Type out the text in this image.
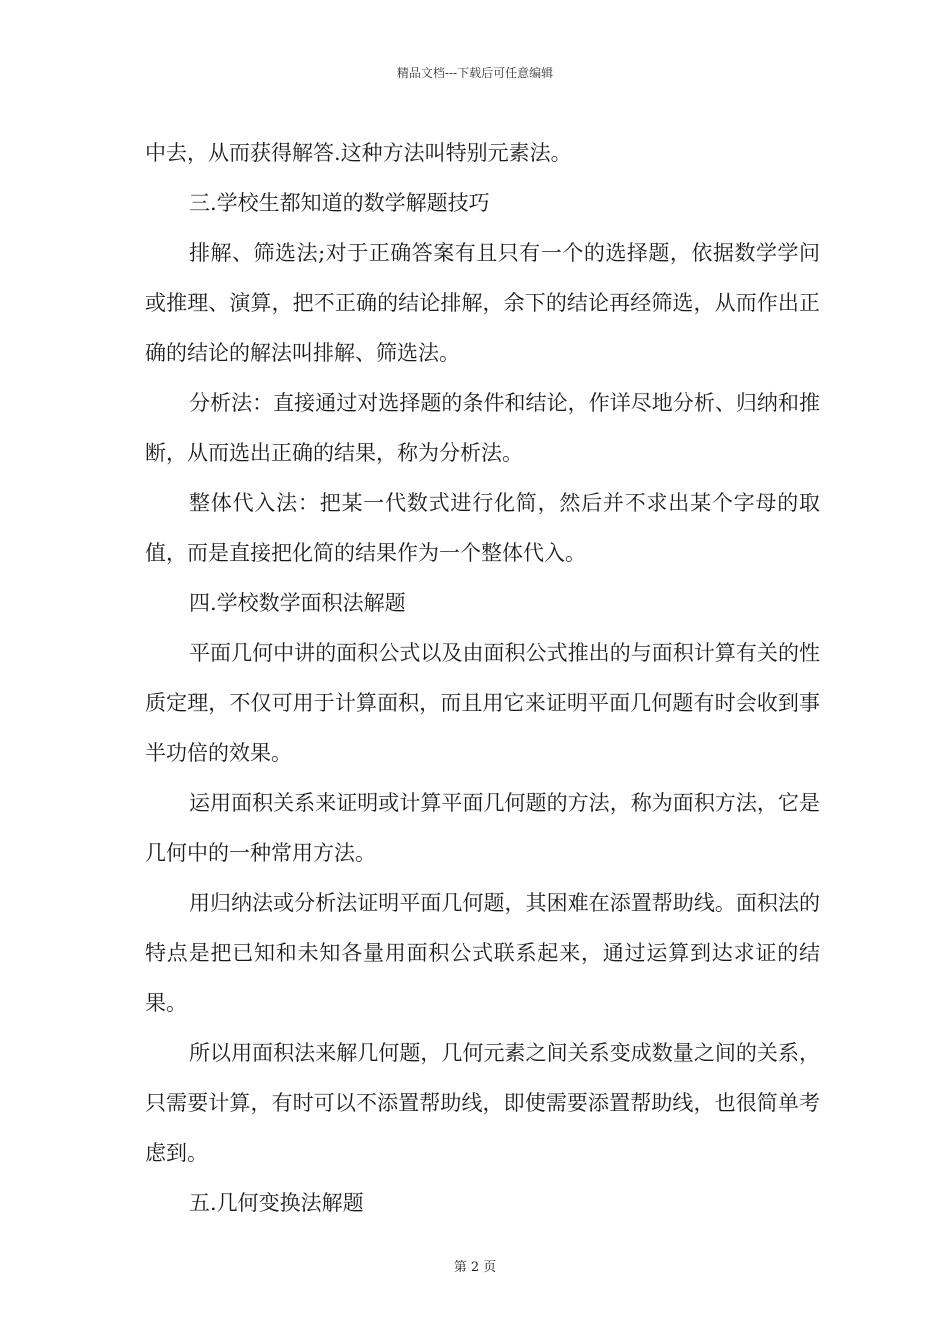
精品文档---下载后可任意编辑

中去，从而获得解答.这种方法叫特别元素法。

三.学校生都知道的数学解题技巧

排解、筛选法;对于正确答案有且只有一个的选择题，依据数学学问或推理、演算，把不正确的结论排解，余下的结论再经筛选，从而作出正确的结论的解法叫排解、筛选法。

分析法：直接通过对选择题的条件和结论，作详尽地分析、归纳和推断，从而选出正确的结果，称为分析法。

整体代入法：把某一代数式进行化简，然后并不求出某个字母的取值，而是直接把化简的结果作为一个整体代入。

四.学校数学面积法解题

平面几何中讲的面积公式以及由面积公式推出的与面积计算有关的性质定理，不仅可用于计算面积，而且用它来证明平面几何题有时会收到事半功倍的效果。

运用面积关系来证明或计算平面几何题的方法，称为面积方法，它是几何中的一种常用方法。

用归纳法或分析法证明平面几何题，其困难在添置帮助线。面积法的特点是把已知和未知各量用面积公式联系起来，通过运算到达求证的结果。

所以用面积法来解几何题，几何元素之间关系变成数量之间的关系，只需要计算，有时可以不添置帮助线，即使需要添置帮助线，也很简单考虑到。

五.几何变换法解题

第 2 页
